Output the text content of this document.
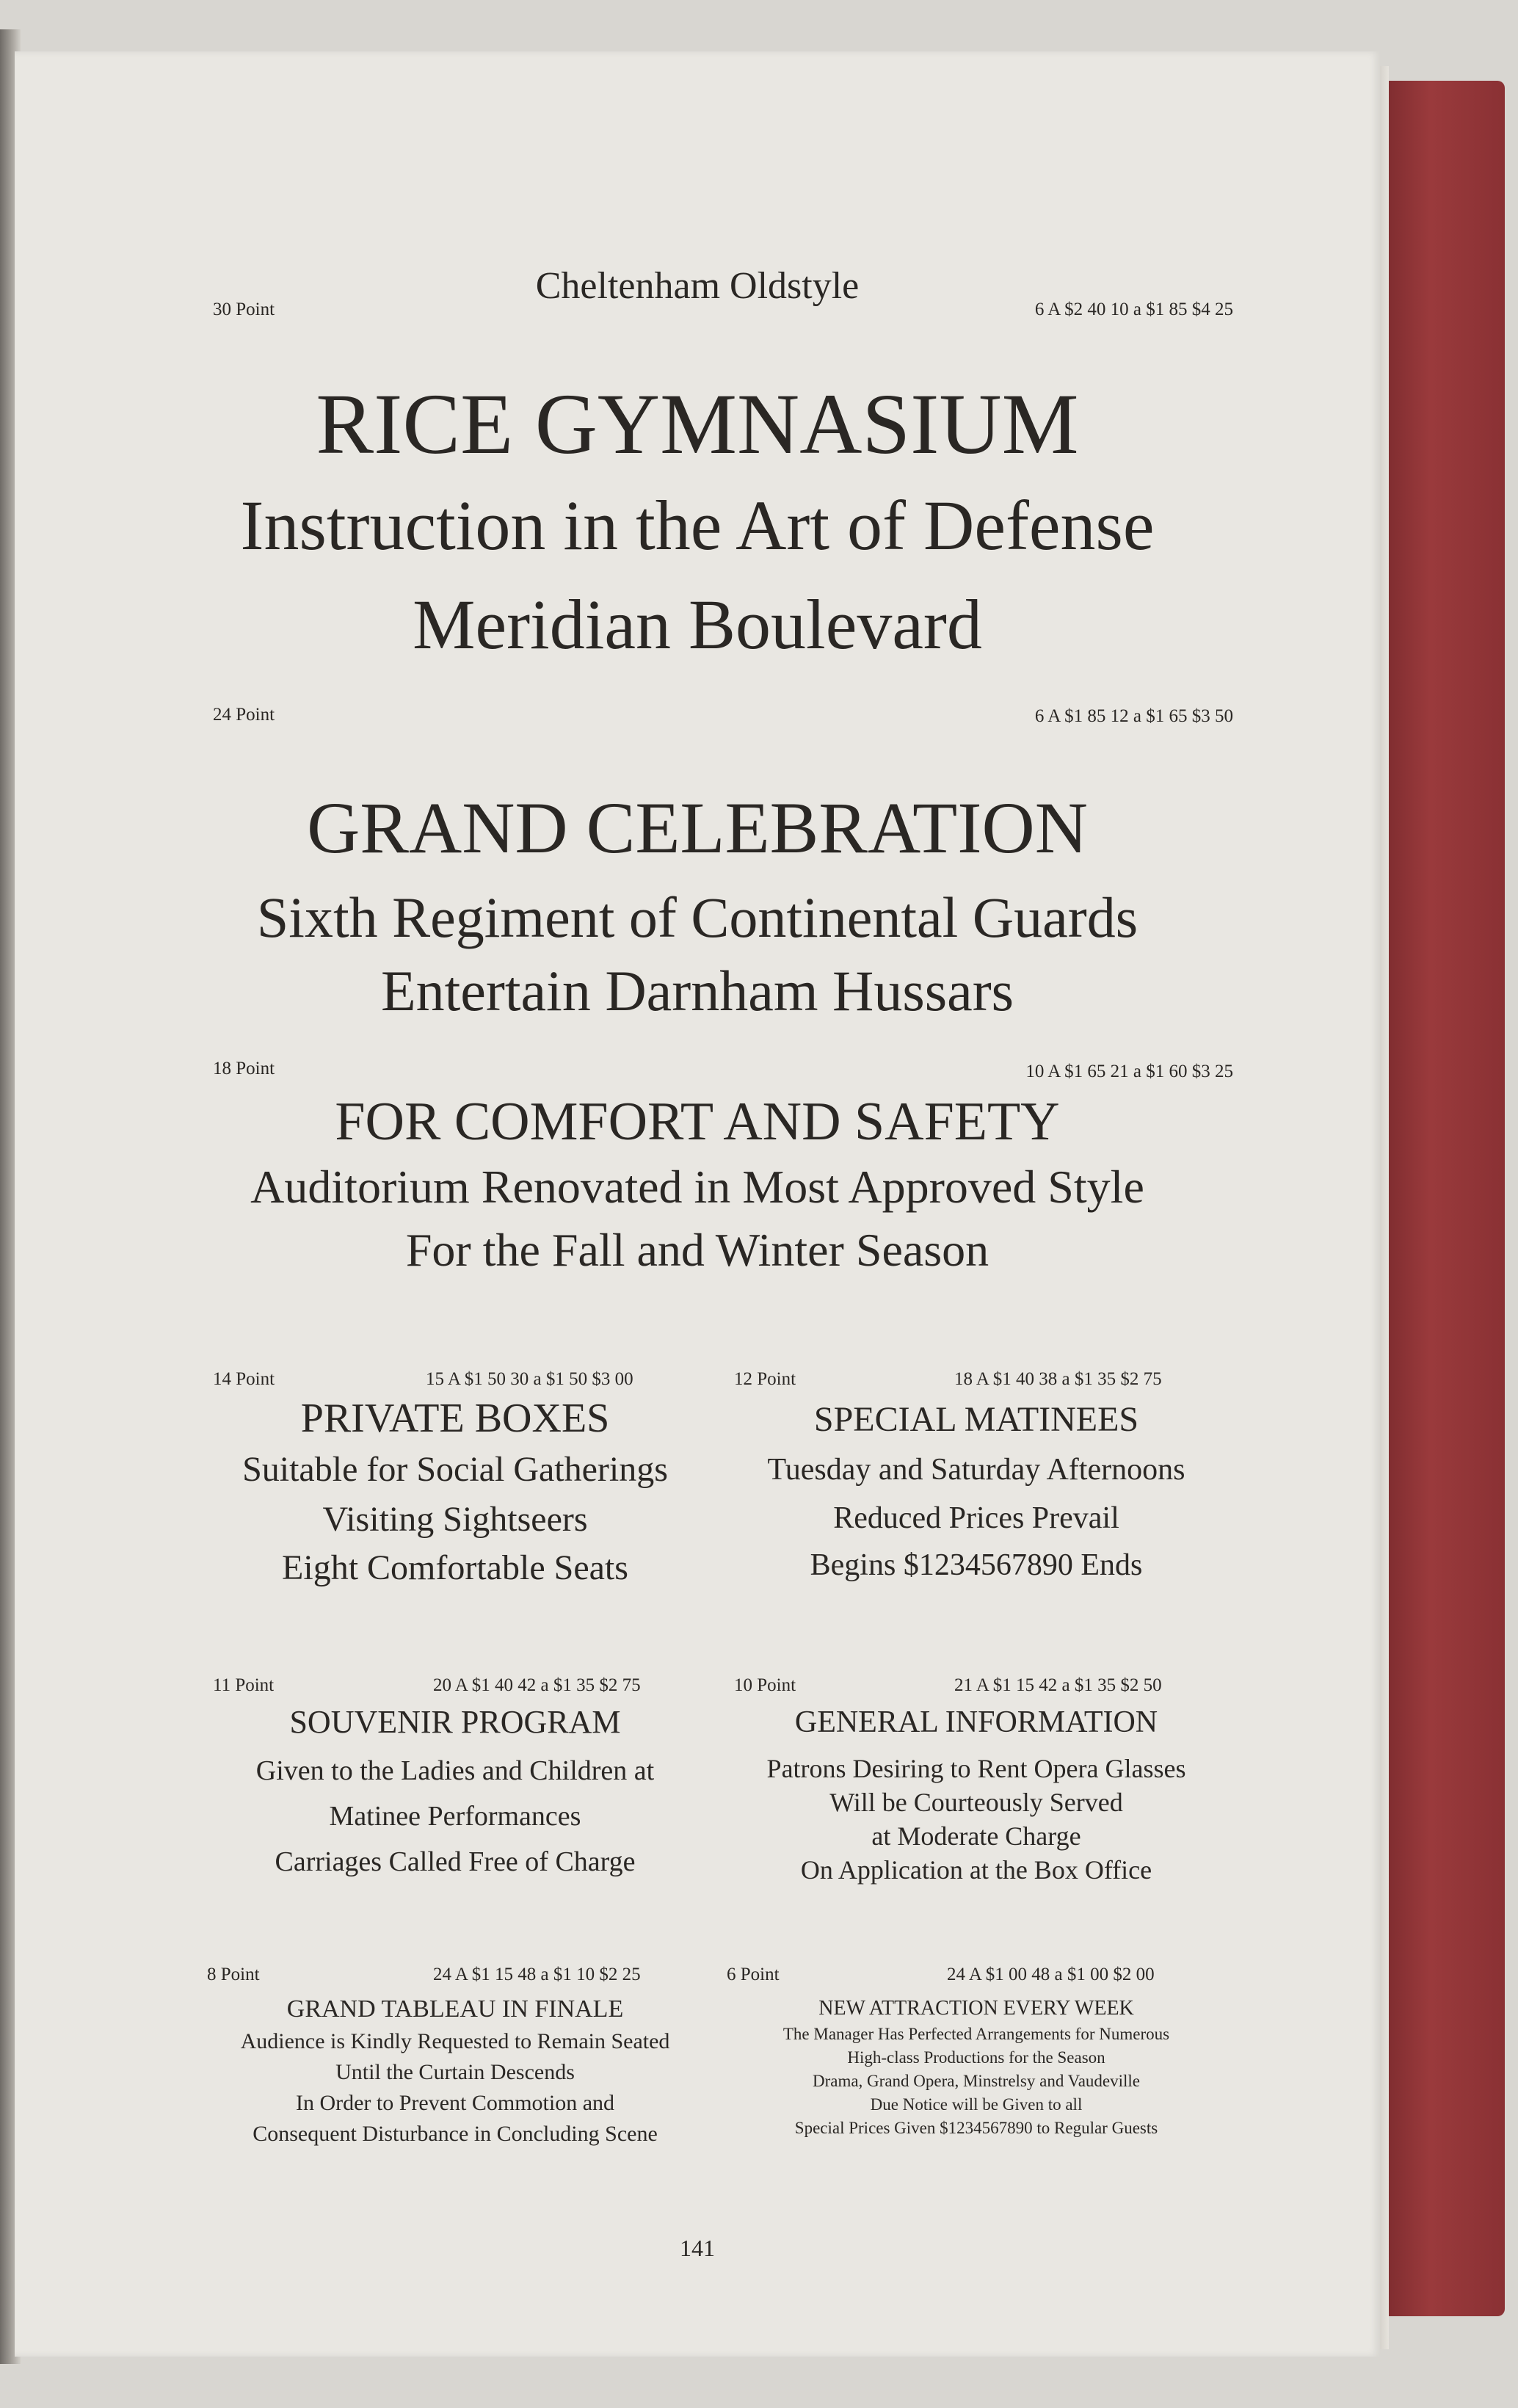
Cheltenham Oldstyle
30 Point	6 A $2 40 10 a $1 85 $4 25
RICE GYMNASIUM
Instruction in the Art of Defense
Meridian Boulevard
24 Point	6 A $1 85 12 a $1 65 $3 50
GRAND CELEBRATION
Sixth Regiment of Continental Guards
Entertain Darnham Hussars
18 Point	10 A $1 65 21 a $1 60 $3 25
FOR COMFORT AND SAFETY
Auditorium Renovated in Most Approved Style
For the Fall and Winter Season
14 Point	15 A $1 50 30 a $1 50 $3 00
PRIVATE BOXES
Suitable for Social Gatherings
Visiting Sightseers
Eight Comfortable Seats
12 Point	18 A $1 40 38 a $1 35 $2 75
SPECIAL MATINEES
Tuesday and Saturday Afternoons
Reduced Prices Prevail
Begins $1234567890 Ends
11 Point	20 A $1 40 42 a $1 35 $2 75
SOUVENIR PROGRAM
Given to the Ladies and Children at
Matinee Performances
Carriages Called Free of Charge
10 Point	21 A $1 15 42 a $1 35 $2 50
GENERAL INFORMATION
Patrons Desiring to Rent Opera Glasses
Will be Courteously Served
at Moderate Charge
On Application at the Box Office
8 Point	24 A $1 15 48 a $1 10 $2 25
GRAND TABLEAU IN FINALE
Audience is Kindly Requested to Remain Seated
Until the Curtain Descends
In Order to Prevent Commotion and
Consequent Disturbance in Concluding Scene
6 Point	24 A $1 00 48 a $1 00 $2 00
NEW ATTRACTION EVERY WEEK
The Manager Has Perfected Arrangements for Numerous
High-class Productions for the Season
Drama, Grand Opera, Minstrelsy and Vaudeville
Due Notice will be Given to all
Special Prices Given $1234567890 to Regular Guests
141
